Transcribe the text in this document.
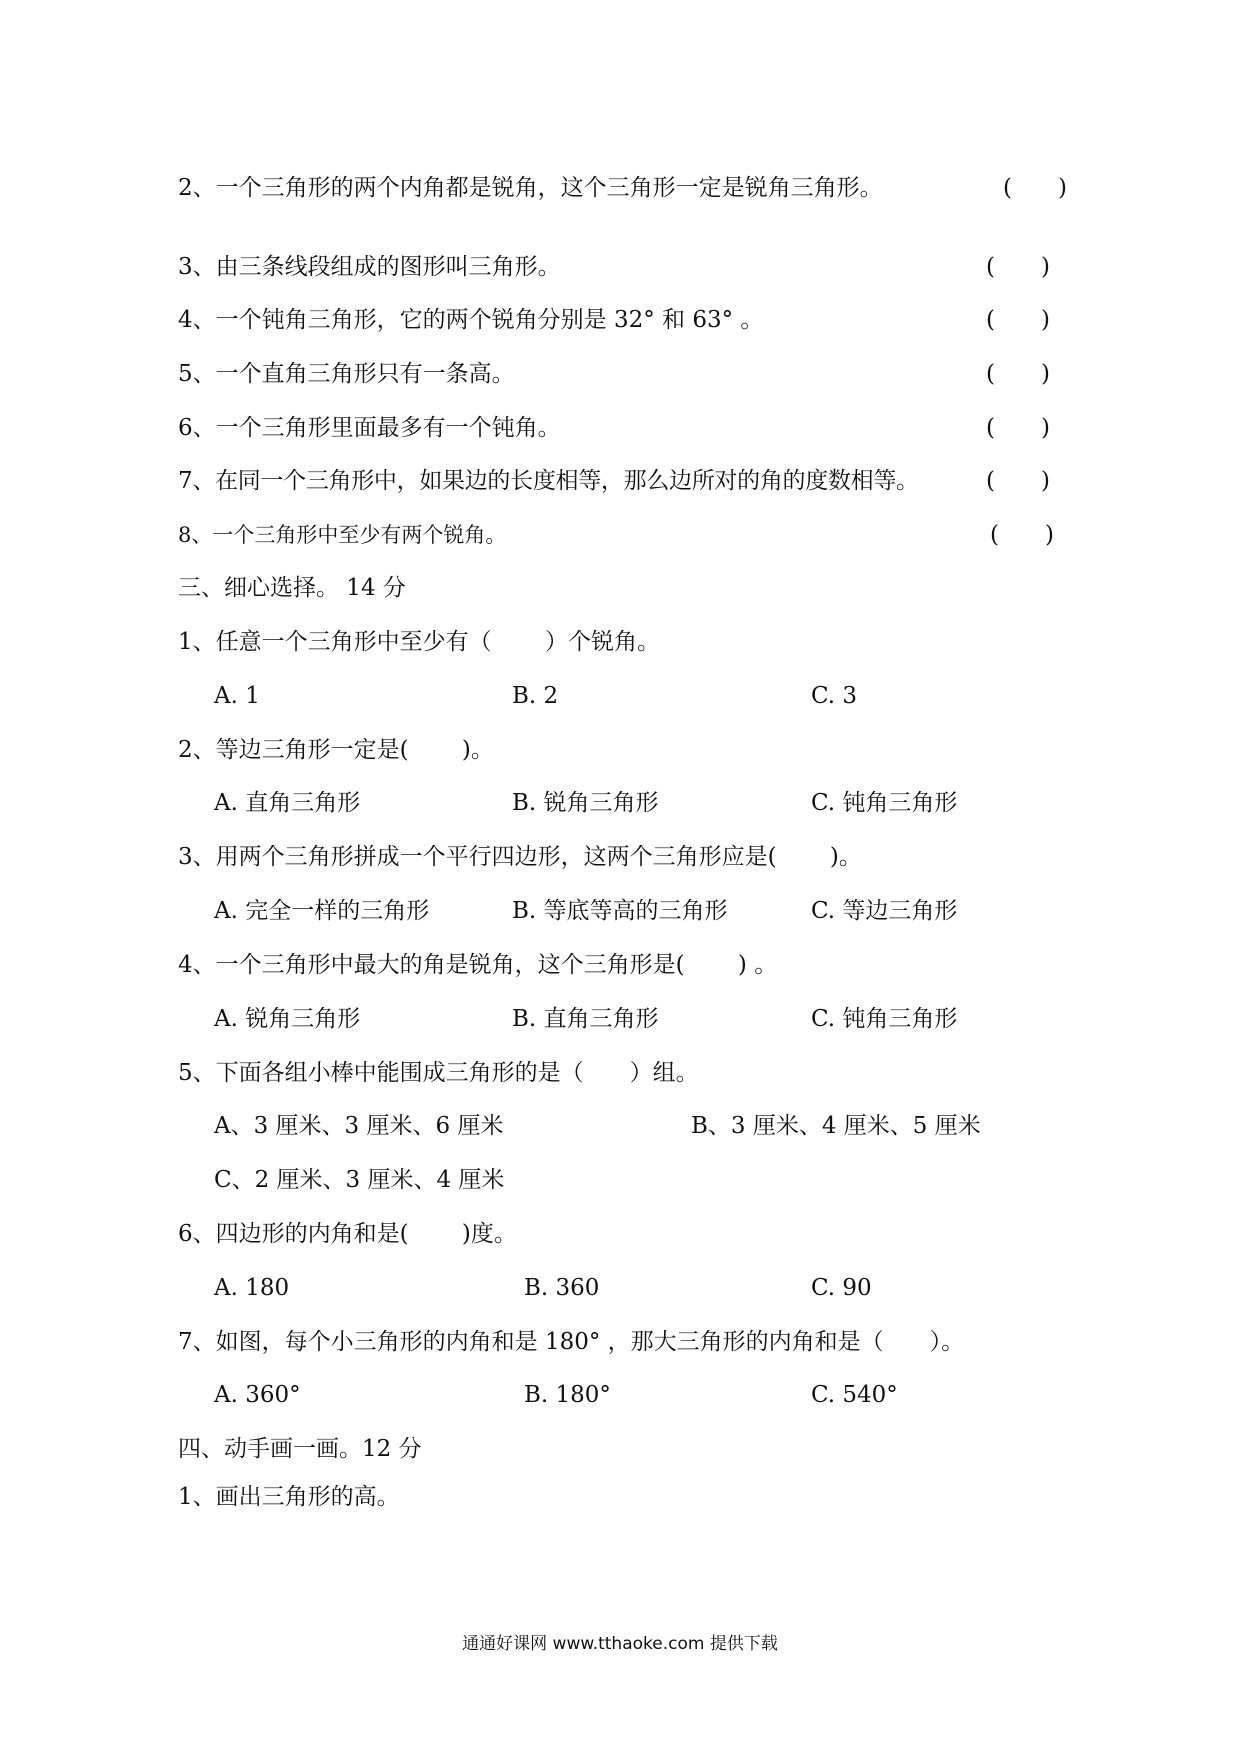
2、一个三角形的两个内角都是锐角，这个三角形一定是锐角三角形。	(　　)
3、由三条线段组成的图形叫三角形。	(　　)
4、一个钝角三角形，它的两个锐角分别是 32° 和 63° 。	(　　)
5、一个直角三角形只有一条高。	(　　)
6、一个三角形里面最多有一个钝角。	(　　)
7、在同一个三角形中，如果边的长度相等，那么边所对的角的度数相等。	(　　)
8、一个三角形中至少有两个锐角。	(　　)
三、细心选择。 14 分
1、任意一个三角形中至少有（　　 ）个锐角。
A. 1	B. 2	C. 3
2、等边三角形一定是(　　 )。
A. 直角三角形	B. 锐角三角形	C. 钝角三角形
3、用两个三角形拼成一个平行四边形，这两个三角形应是(　　 )。
A. 完全一样的三角形	B. 等底等高的三角形	C. 等边三角形
4、一个三角形中最大的角是锐角，这个三角形是(　　 ) 。
A. 锐角三角形	B. 直角三角形	C. 钝角三角形
5、下面各组小棒中能围成三角形的是（　　）组。
A、3 厘米、3 厘米、6 厘米	B、3 厘米、4 厘米、5 厘米
C、2 厘米、3 厘米、4 厘米
6、四边形的内角和是(　　 )度。
A. 180	B. 360	C. 90
7、如图，每个小三角形的内角和是 180° ，那大三角形的内角和是（　　）。
A. 360°	B. 180°	C. 540°
四、动手画一画。12 分
1、画出三角形的高。
通通好课网 www.tthaoke.com 提供下载
